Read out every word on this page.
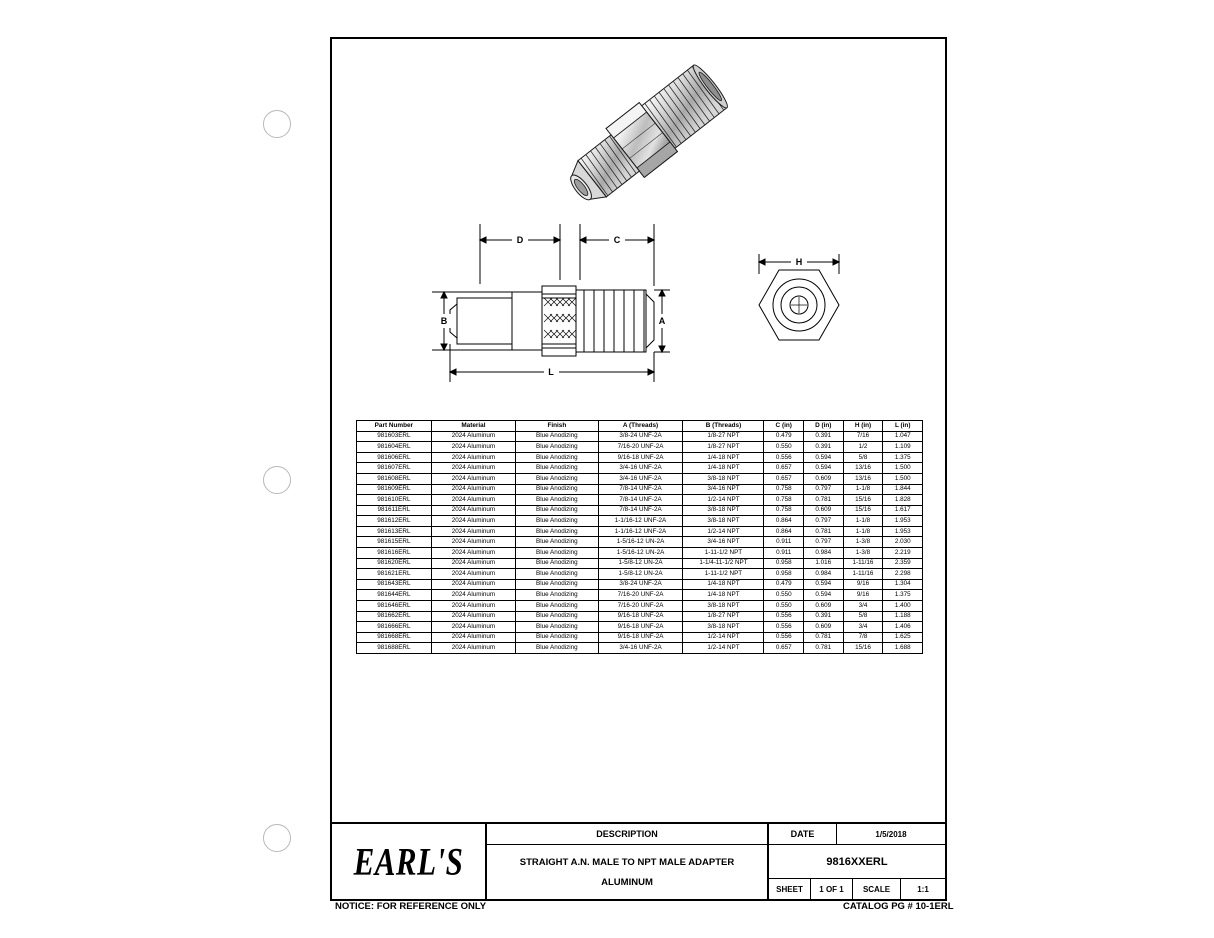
D	C
B	A
L
H
Part Number	Material	Finish	A (Threads)	B (Threads)	C (in)	D (in)	H (in)	L (in)
981603ERL	2024 Aluminum	Blue Anodizing	3/8-24 UNF-2A	1/8-27 NPT	0.479	0.391	7/16	1.047
981604ERL	2024 Aluminum	Blue Anodizing	7/16-20 UNF-2A	1/8-27 NPT	0.550	0.391	1/2	1.109
981606ERL	2024 Aluminum	Blue Anodizing	9/16-18 UNF-2A	1/4-18 NPT	0.556	0.594	5/8	1.375
981607ERL	2024 Aluminum	Blue Anodizing	3/4-16 UNF-2A	1/4-18 NPT	0.657	0.594	13/16	1.500
981608ERL	2024 Aluminum	Blue Anodizing	3/4-16 UNF-2A	3/8-18 NPT	0.657	0.609	13/16	1.500
981609ERL	2024 Aluminum	Blue Anodizing	7/8-14 UNF-2A	3/4-16 NPT	0.758	0.797	1-1/8	1.844
981610ERL	2024 Aluminum	Blue Anodizing	7/8-14 UNF-2A	1/2-14 NPT	0.758	0.781	15/16	1.828
981611ERL	2024 Aluminum	Blue Anodizing	7/8-14 UNF-2A	3/8-18 NPT	0.758	0.609	15/16	1.617
981612ERL	2024 Aluminum	Blue Anodizing	1-1/16-12 UNF-2A	3/8-18 NPT	0.864	0.797	1-1/8	1.953
981613ERL	2024 Aluminum	Blue Anodizing	1-1/16-12 UNF-2A	1/2-14 NPT	0.864	0.781	1-1/8	1.953
981615ERL	2024 Aluminum	Blue Anodizing	1-5/16-12 UN-2A	3/4-16 NPT	0.911	0.797	1-3/8	2.030
981616ERL	2024 Aluminum	Blue Anodizing	1-5/16-12 UN-2A	1-11-1/2 NPT	0.911	0.984	1-3/8	2.219
981620ERL	2024 Aluminum	Blue Anodizing	1-5/8-12 UN-2A	1-1/4-11-1/2 NPT	0.958	1.016	1-11/16	2.359
981621ERL	2024 Aluminum	Blue Anodizing	1-5/8-12 UN-2A	1-11-1/2 NPT	0.958	0.984	1-11/16	2.298
981643ERL	2024 Aluminum	Blue Anodizing	3/8-24 UNF-2A	1/4-18 NPT	0.479	0.594	9/16	1.304
981644ERL	2024 Aluminum	Blue Anodizing	7/16-20 UNF-2A	1/4-18 NPT	0.550	0.594	9/16	1.375
981646ERL	2024 Aluminum	Blue Anodizing	7/16-20 UNF-2A	3/8-18 NPT	0.550	0.609	3/4	1.400
981662ERL	2024 Aluminum	Blue Anodizing	9/16-18 UNF-2A	1/8-27 NPT	0.556	0.391	5/8	1.188
981666ERL	2024 Aluminum	Blue Anodizing	9/16-18 UNF-2A	3/8-18 NPT	0.556	0.609	3/4	1.406
981668ERL	2024 Aluminum	Blue Anodizing	9/16-18 UNF-2A	1/2-14 NPT	0.556	0.781	7/8	1.625
981688ERL	2024 Aluminum	Blue Anodizing	3/4-16 UNF-2A	1/2-14 NPT	0.657	0.781	15/16	1.688
EARL'S
DESCRIPTION
STRAIGHT A.N. MALE TO NPT MALE ADAPTER
ALUMINUM
DATE	1/5/2018
9816XXERL
SHEET	1 OF 1	SCALE	1:1
NOTICE: FOR REFERENCE ONLY	CATALOG PG # 10-1ERL
